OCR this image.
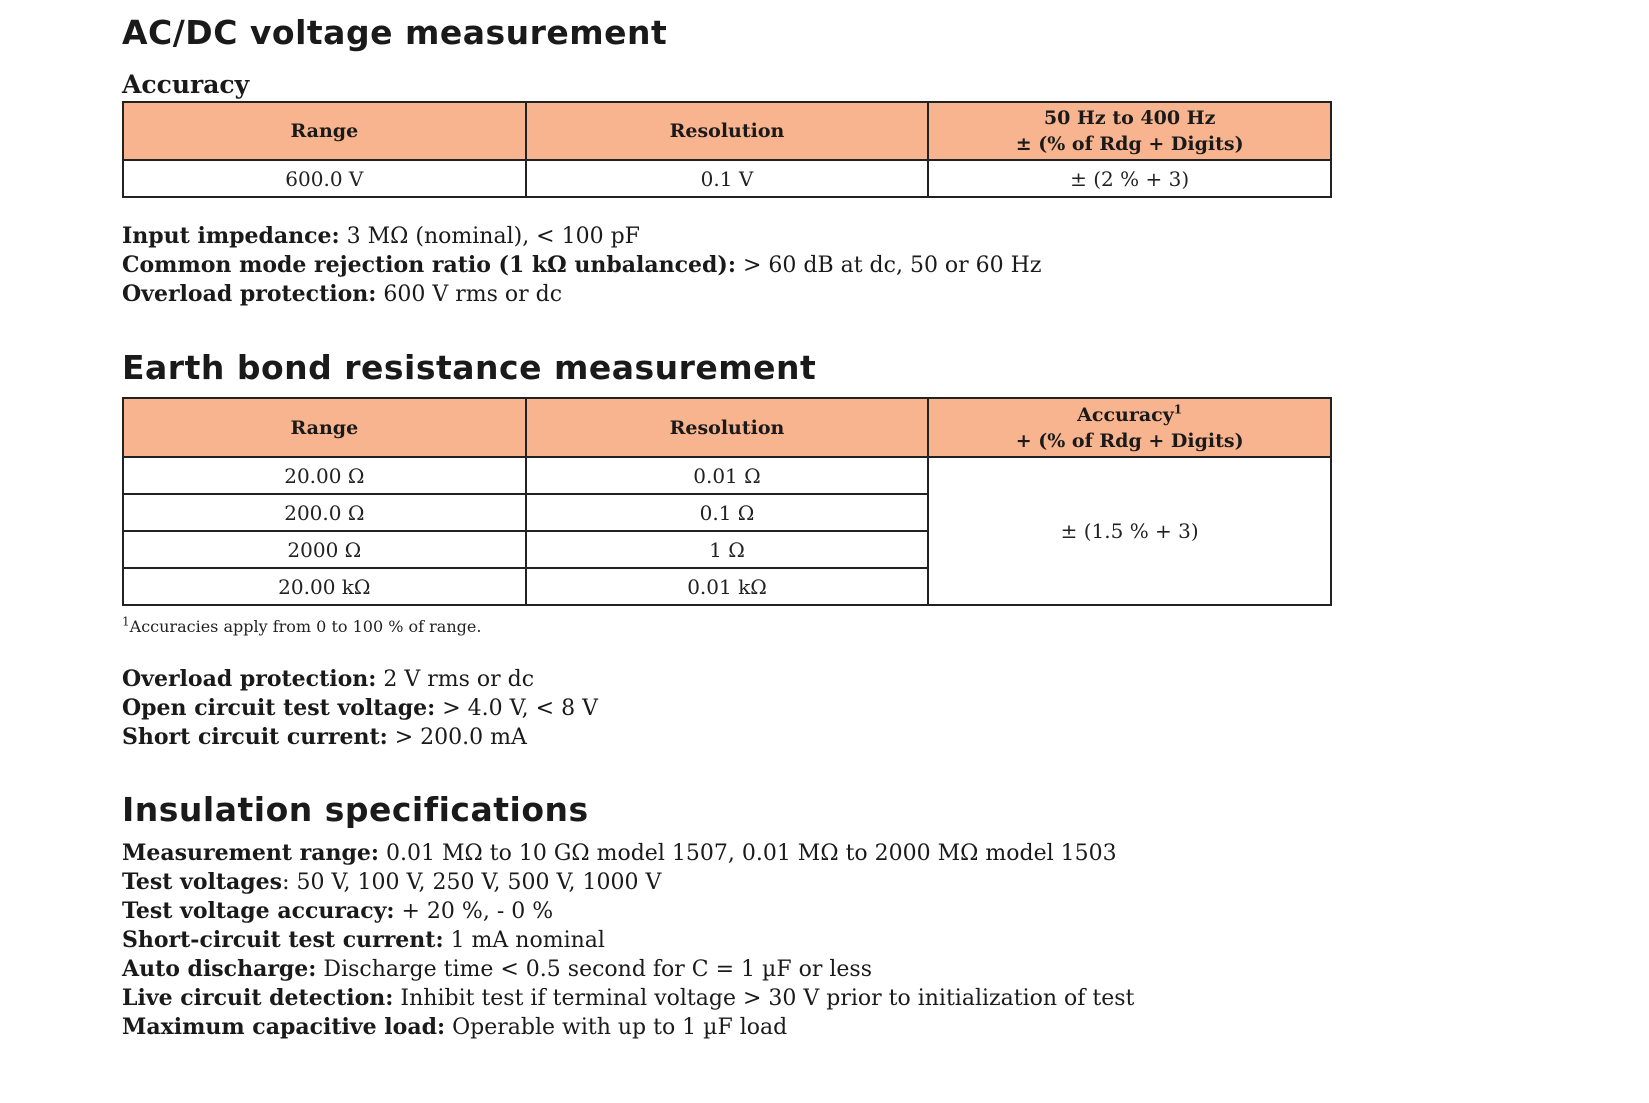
AC/DC voltage measurement
Accuracy
Range	Resolution	50 Hz to 400 Hz
± (% of Rdg + Digits)

600.0 V	0.1 V	± (2 % + 3)
Input impedance: 3 MΩ (nominal), < 100 pF
Common mode rejection ratio (1 kΩ unbalanced): > 60 dB at dc, 50 or 60 Hz
Overload protection: 600 V rms or dc
Earth bond resistance measurement
Range	Resolution	Accuracy$^1$
+ (% of Rdg + Digits)

20.00 Ω	0.01 Ω	± (1.5 % + 3)
200.0 Ω	0.1 Ω	
2000 Ω	1 Ω	
20.00 kΩ	0.01 kΩ	
$^1$Accuracies apply from 0 to 100 % of range.
Overload protection: 2 V rms or dc
Open circuit test voltage: > 4.0 V, < 8 V
Short circuit current: > 200.0 mA
Insulation specifications
Measurement range: 0.01 MΩ to 10 GΩ model 1507, 0.01 MΩ to 2000 MΩ model 1503
Test voltages: 50 V, 100 V, 250 V, 500 V, 1000 V
Test voltage accuracy: + 20 %, - 0 %
Short-circuit test current: 1 mA nominal
Auto discharge: Discharge time < 0.5 second for C = 1 µF or less
Live circuit detection: Inhibit test if terminal voltage > 30 V prior to initialization of test
Maximum capacitive load: Operable with up to 1 µF load
